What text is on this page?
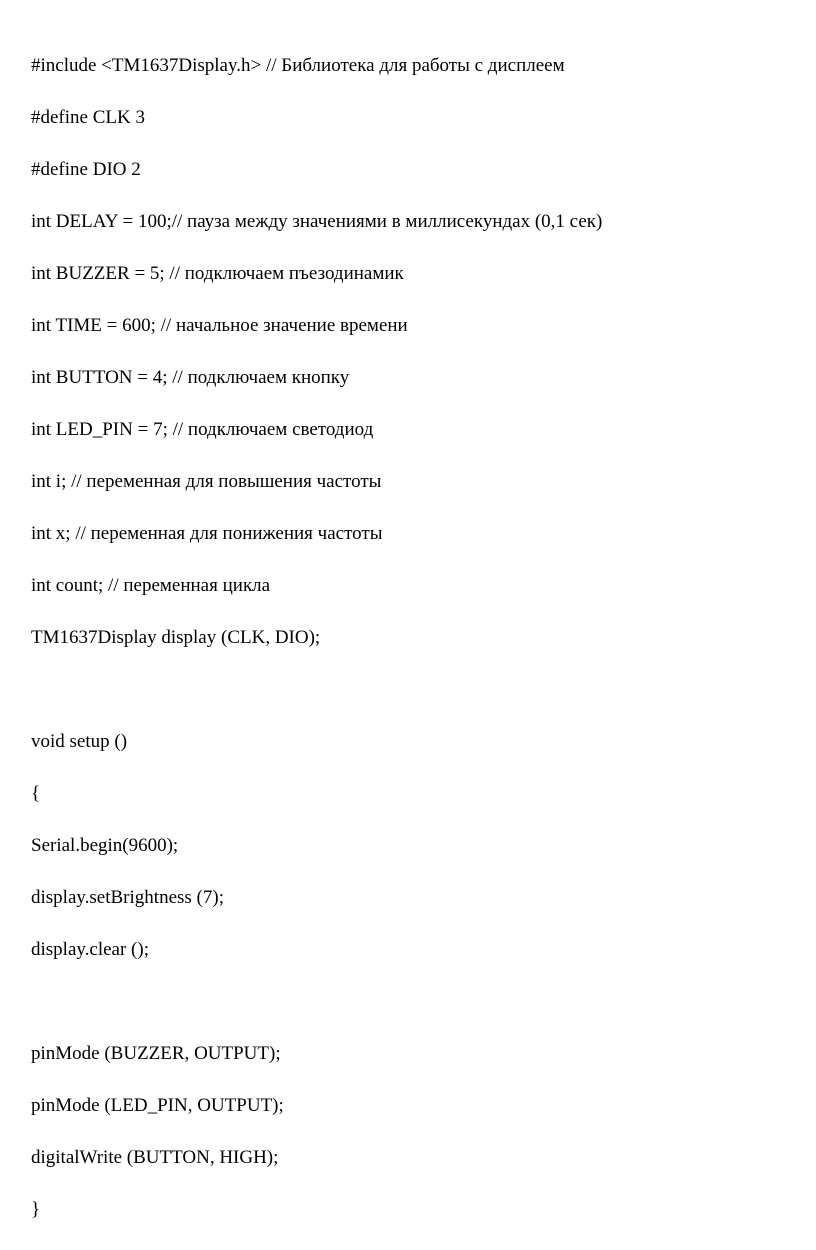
#include <TM1637Display.h> // Библиотека для работы с дисплеем
#define CLK 3
#define DIO 2
int DELAY = 100;// пауза между значениями в миллисекундах (0,1 сек)
int BUZZER = 5; // подключаем пъезодинамик
int TIME = 600; // начальное значение времени
int BUTTON = 4; // подключаем кнопку
int LED_PIN = 7; // подключаем светодиод
int i; // переменная для повышения частоты
int x; // переменная для понижения частоты
int count; // переменная цикла
TM1637Display display (CLK, DIO);
void setup ()
{
Serial.begin(9600);
display.setBrightness (7);
display.clear ();
pinMode (BUZZER, OUTPUT);
pinMode (LED_PIN, OUTPUT);
digitalWrite (BUTTON, HIGH);
}
